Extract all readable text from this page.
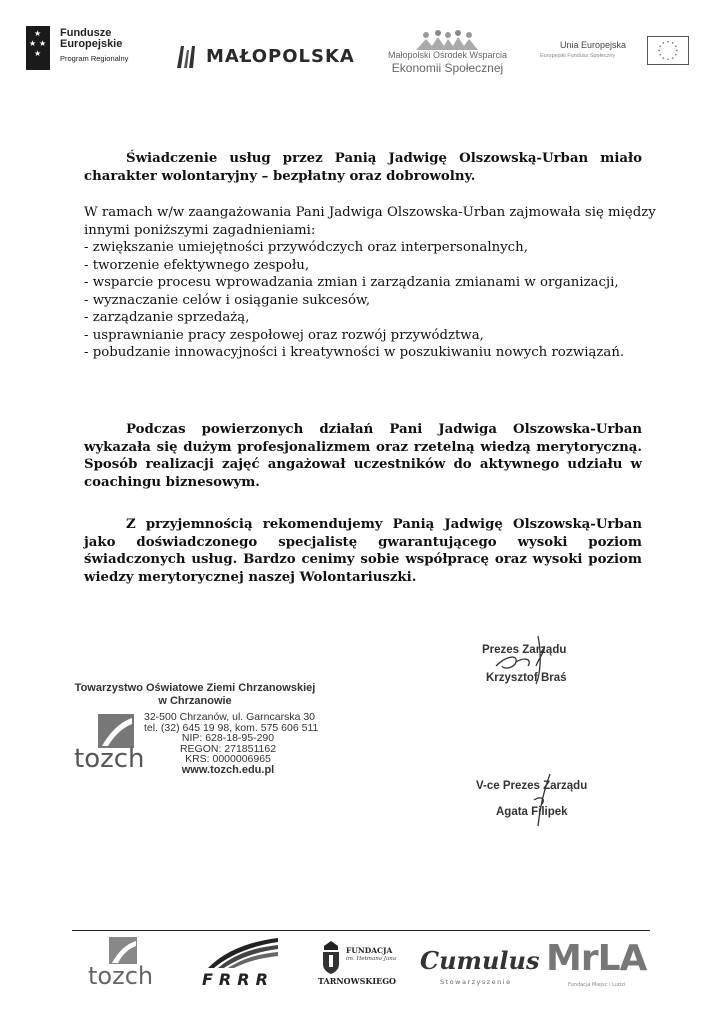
★
★ ★
★
Fundusze
Europejskie
Program Regionalny	MAŁOPOLSKA	Małopolski Ośrodek Wsparcia
Ekonomii Społecznej
Unia Europejska
Europejski Fundusz Społeczny

Świadczenie usług przez Panią Jadwigę Olszowską-Urban miało charakter wolontaryjny – bezpłatny oraz dobrowolny.

W ramach w/w zaangażowania Pani Jadwiga Olszowska-Urban zajmowała się między
innymi poniższymi zagadnieniami:
- zwiększanie umiejętności przywódczych oraz interpersonalnych,
- tworzenie efektywnego zespołu,
- wsparcie procesu wprowadzania zmian i zarządzania zmianami w organizacji,
- wyznaczanie celów i osiąganie sukcesów,
- zarządzanie sprzedażą,
- usprawnianie pracy zespołowej oraz rozwój przywództwa,
- pobudzanie innowacyjności i kreatywności w poszukiwaniu nowych rozwiązań.

Podczas powierzonych działań Pani Jadwiga Olszowska-Urban wykazała się dużym profesjonalizmem oraz rzetelną wiedzą merytoryczną. Sposób realizacji zajęć angażował uczestników do aktywnego udziału w coachingu biznesowym.

Z przyjemnością rekomendujemy Panią Jadwigę Olszowską-Urban jako doświadczonego specjalistę gwarantującego wysoki poziom świadczonych usług. Bardzo cenimy sobie współpracę oraz wysoki poziom wiedzy merytorycznej naszej Wolontariuszki.

Prezes Zarządu
Krzysztof Braś
V-ce Prezes Zarządu
Agata Filipek
Towarzystwo Oświatowe Ziemi Chrzanowskiej
w Chrzanowie
tozch
32-500 Chrzanów, ul. Garncarska 30
tel. (32) 645 19 98, kom. 575 606 511
NIP: 628-18-95-290
REGON: 271851162
KRS: 0000006965
www.tozch.edu.pl
tozch	FRRR
FUNDACJA
im. Hetmana Jana
TARNOWSKIEGO
Cumulus
Stowarzyszenie
MrLA
Fundacja Miejsc i Ludzi
